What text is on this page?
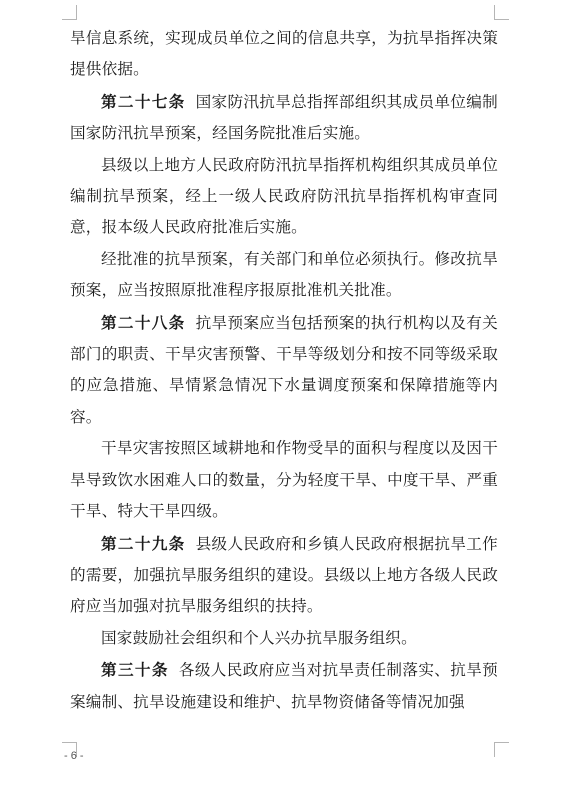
旱信息系统，实现成员单位之间的信息共享，为抗旱指挥决策提供依据。

第二十七条 国家防汛抗旱总指挥部组织其成员单位编制国家防汛抗旱预案，经国务院批准后实施。

县级以上地方人民政府防汛抗旱指挥机构组织其成员单位编制抗旱预案，经上一级人民政府防汛抗旱指挥机构审查同意，报本级人民政府批准后实施。

经批准的抗旱预案，有关部门和单位必须执行。修改抗旱预案，应当按照原批准程序报原批准机关批准。

第二十八条 抗旱预案应当包括预案的执行机构以及有关部门的职责、干旱灾害预警、干旱等级划分和按不同等级采取的应急措施、旱情紧急情况下水量调度预案和保障措施等内容。

干旱灾害按照区域耕地和作物受旱的面积与程度以及因干旱导致饮水困难人口的数量，分为轻度干旱、中度干旱、严重干旱、特大干旱四级。

第二十九条 县级人民政府和乡镇人民政府根据抗旱工作的需要，加强抗旱服务组织的建设。县级以上地方各级人民政府应当加强对抗旱服务组织的扶持。

国家鼓励社会组织和个人兴办抗旱服务组织。

第三十条 各级人民政府应当对抗旱责任制落实、抗旱预案编制、抗旱设施建设和维护、抗旱物资储备等情况加强

- 6 -
